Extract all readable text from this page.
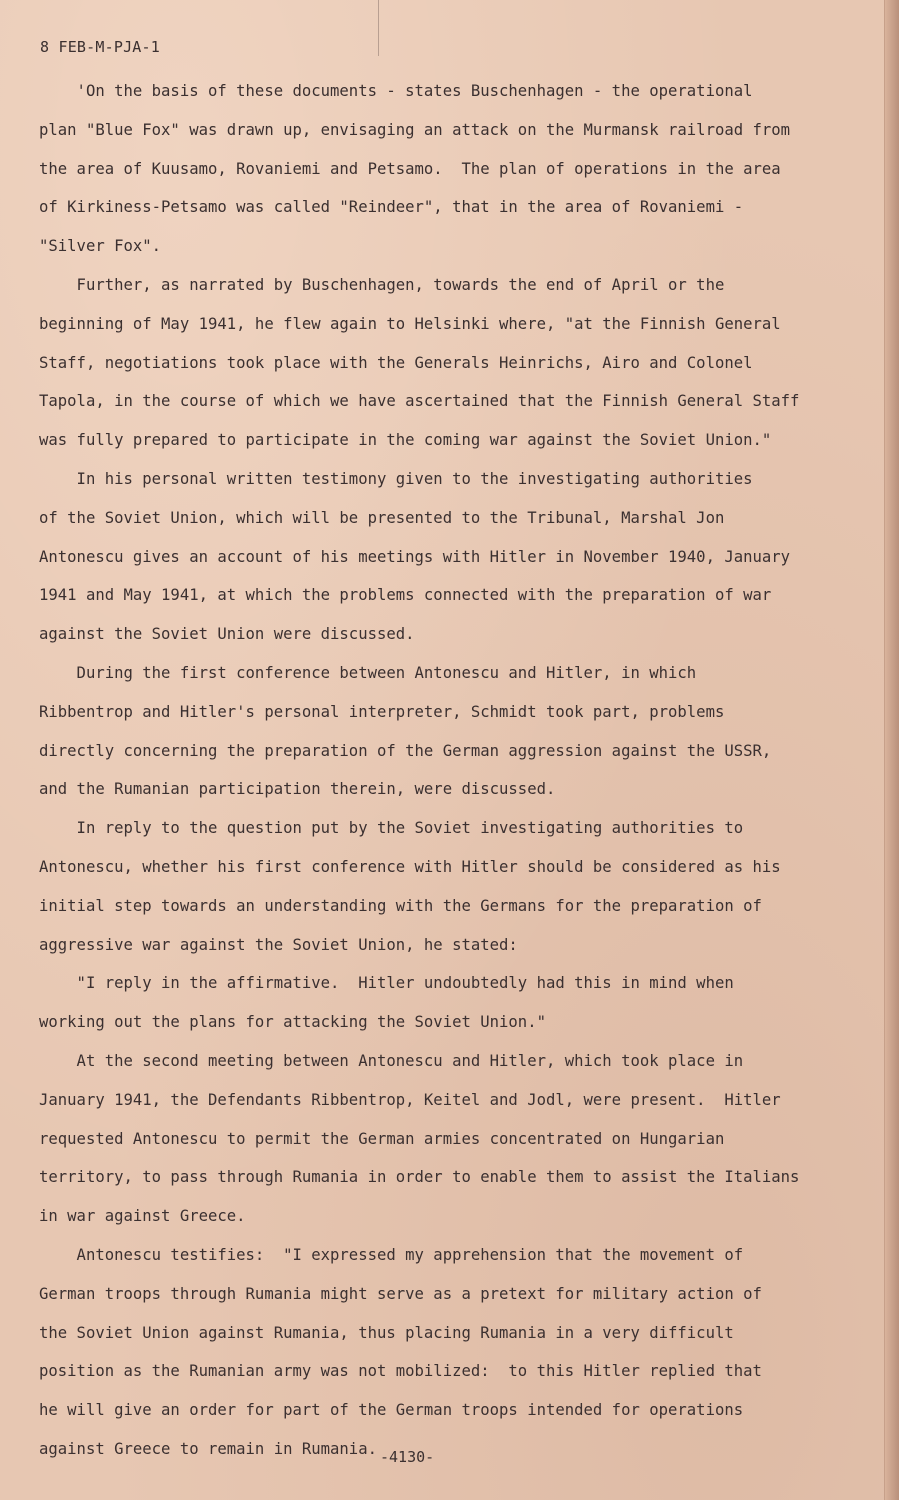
8 FEB-M-PJA-1
'On the basis of these documents - states Buschenhagen - the operational
plan "Blue Fox" was drawn up, envisaging an attack on the Murmansk railroad from
the area of Kuusamo, Rovaniemi and Petsamo.  The plan of operations in the area
of Kirkiness-Petsamo was called "Reindeer", that in the area of Rovaniemi -
"Silver Fox".
Further, as narrated by Buschenhagen, towards the end of April or the
beginning of May 1941, he flew again to Helsinki where, "at the Finnish General
Staff, negotiations took place with the Generals Heinrichs, Airo and Colonel
Tapola, in the course of which we have ascertained that the Finnish General Staff
was fully prepared to participate in the coming war against the Soviet Union."
In his personal written testimony given to the investigating authorities
of the Soviet Union, which will be presented to the Tribunal, Marshal Jon
Antonescu gives an account of his meetings with Hitler in November 1940, January
1941 and May 1941, at which the problems connected with the preparation of war
against the Soviet Union were discussed.
During the first conference between Antonescu and Hitler, in which
Ribbentrop and Hitler's personal interpreter, Schmidt took part, problems
directly concerning the preparation of the German aggression against the USSR,
and the Rumanian participation therein, were discussed.
In reply to the question put by the Soviet investigating authorities to
Antonescu, whether his first conference with Hitler should be considered as his
initial step towards an understanding with the Germans for the preparation of
aggressive war against the Soviet Union, he stated:
"I reply in the affirmative.  Hitler undoubtedly had this in mind when
working out the plans for attacking the Soviet Union."
At the second meeting between Antonescu and Hitler, which took place in
January 1941, the Defendants Ribbentrop, Keitel and Jodl, were present.  Hitler
requested Antonescu to permit the German armies concentrated on Hungarian
territory, to pass through Rumania in order to enable them to assist the Italians
in war against Greece.
Antonescu testifies:  "I expressed my apprehension that the movement of
German troops through Rumania might serve as a pretext for military action of
the Soviet Union against Rumania, thus placing Rumania in a very difficult
position as the Rumanian army was not mobilized:  to this Hitler replied that
he will give an order for part of the German troops intended for operations
against Greece to remain in Rumania. -4130-
